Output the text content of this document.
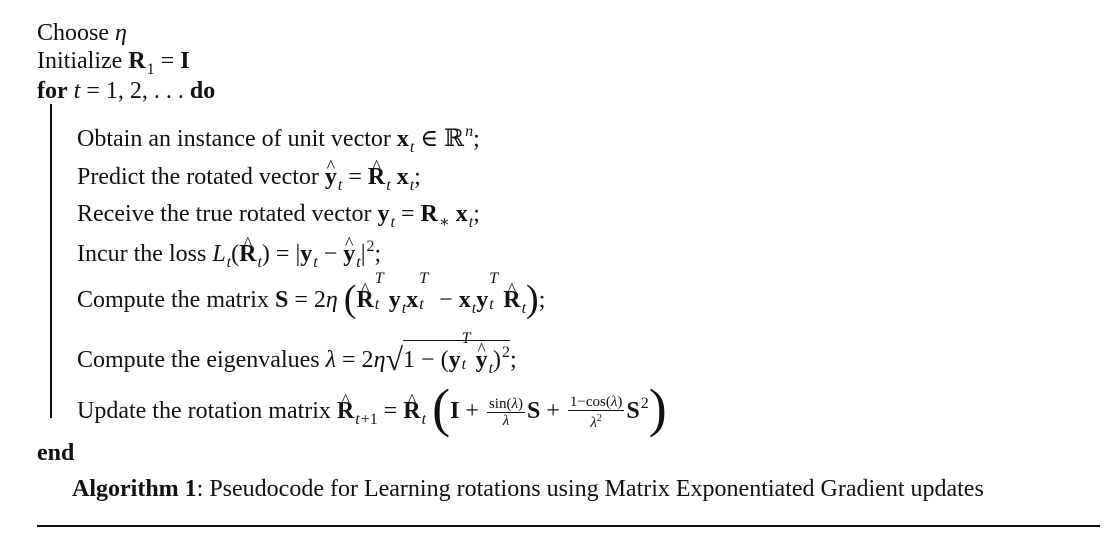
Choose η
Initialize $R_1 = I$
for t = 1, 2, . . . do
Obtain an instance of unit vector $x_t$ ∈ ℝ$^n$;
Predict the rotated vector y $\^{}_t = R$ $\^{}_t$ $x_t$;
Receive the true rotated vector $y_t = R_∗$ $x_t$;
Incur the loss $L_t(R$ $\^{}_t) = |y_t - y$ $\^{}_t|^2$;
Compute the matrix S = 2η (R ^
T
t $y_tx$
T
$t - x_ty$
T
t R $\^{}_t$);
Compute the eigenvalues λ = 2η√1 − (y
T
t y $\^{}_t)^2$;
Update the rotation matrix R $\^{}_{t+1} = R$ $\^{}_t$ ($I + \frac{\sin(\lambda)}{\lambda}$ $S + \frac{1-\cos(\lambda)}{\lambda^2} S^2$)
end
Algorithm 1: Pseudocode for Learning rotations using Matrix Exponentiated Gradient updates
